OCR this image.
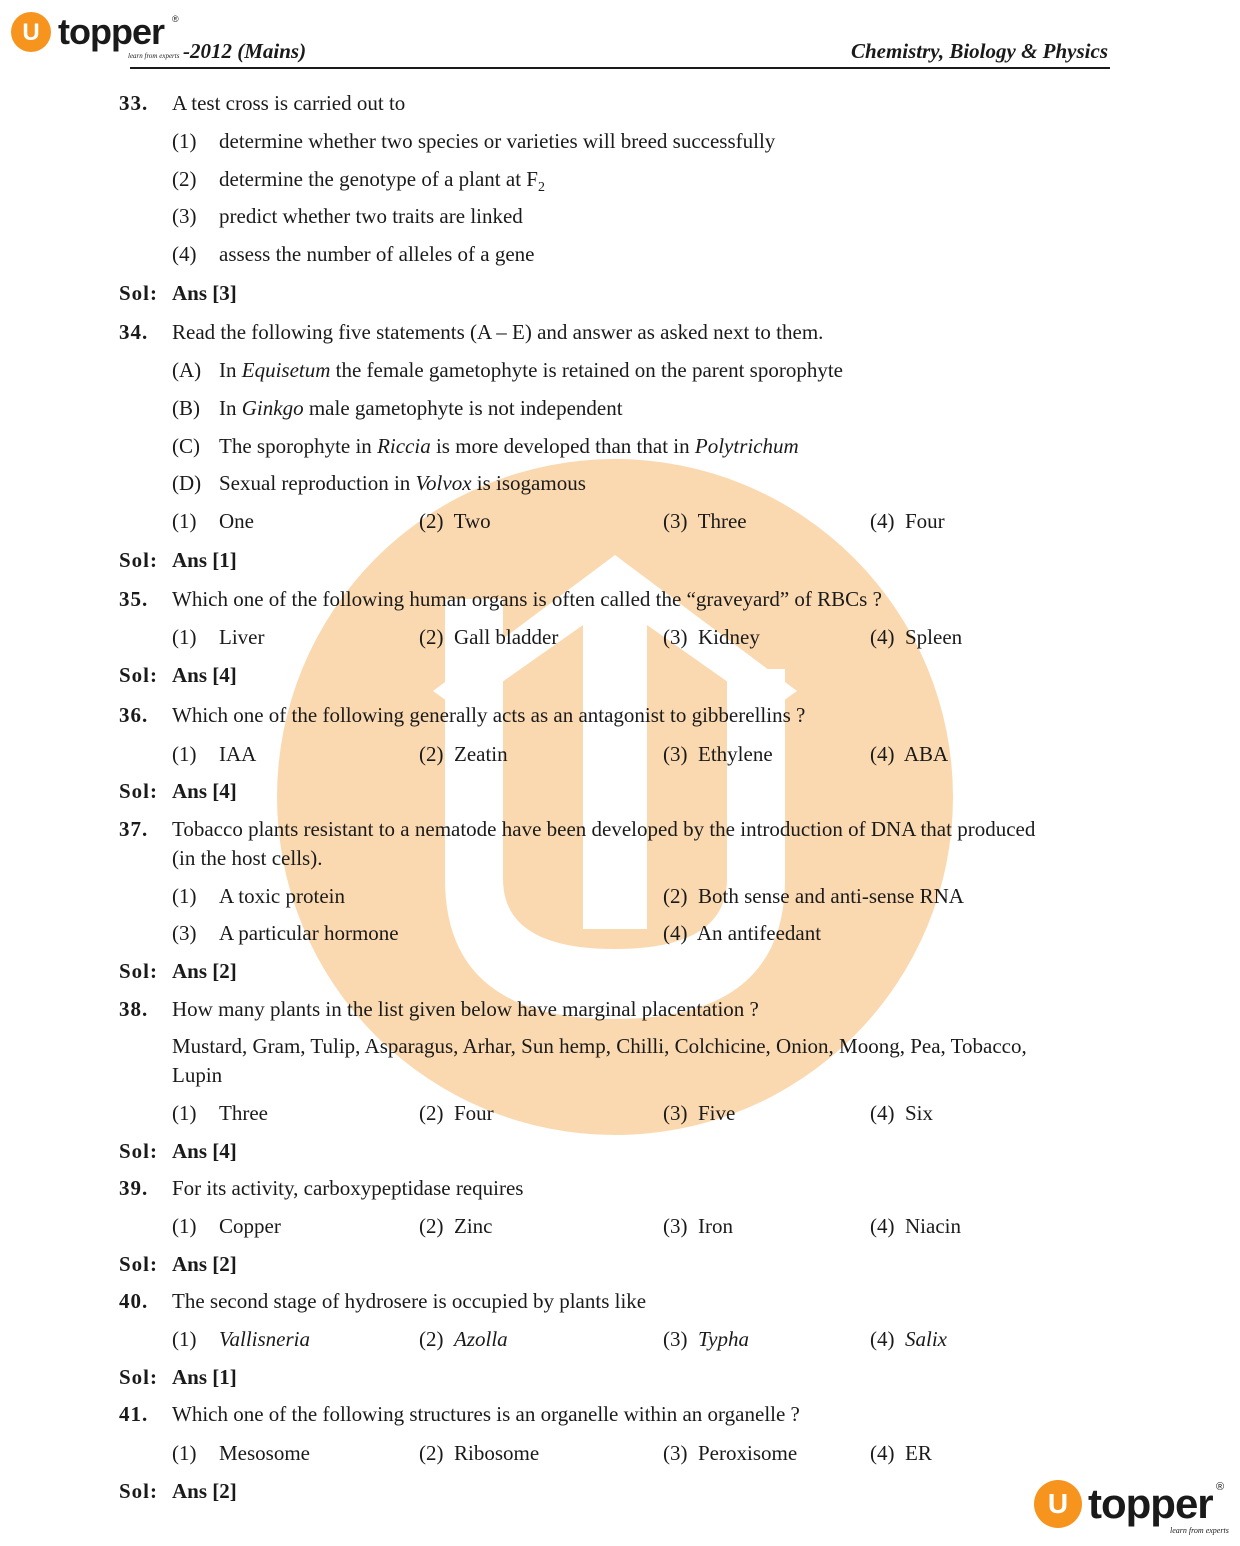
U topper
learn from experts
®
-2012 (Mains)	Chemistry, Biology & Physics
33. A test cross is carried out to
(1) determine whether two species or varieties will breed successfully
(2) determine the genotype of a plant at $F_2$
(3) predict whether two traits are linked
(4) assess the number of alleles of a gene
Sol: Ans [3]
34. Read the following five statements (A – E) and answer as asked next to them.
(A) In Equisetum the female gametophyte is retained on the parent sporophyte
(B) In Ginkgo male gametophyte is not independent
(C) The sporophyte in Riccia is more developed than that in Polytrichum
(D) Sexual reproduction in Volvox is isogamous
(1) One	(2) Two	(3) Three	(4) Four
Sol: Ans [1]
35. Which one of the following human organs is often called the “graveyard” of RBCs ?
(1) Liver	(2) Gall bladder	(3) Kidney	(4) Spleen
Sol: Ans [4]
36. Which one of the following generally acts as an antagonist to gibberellins ?
(1) IAA	(2) Zeatin	(3) Ethylene	(4) ABA
Sol: Ans [4]
37. Tobacco plants resistant to a nematode have been developed by the introduction of DNA that produced
(in the host cells).
(1) A toxic protein	(2) Both sense and anti-sense RNA
(3) A particular hormone	(4) An antifeedant
Sol: Ans [2]
38. How many plants in the list given below have marginal placentation ?
Mustard, Gram, Tulip, Asparagus, Arhar, Sun hemp, Chilli, Colchicine, Onion, Moong, Pea, Tobacco,
Lupin
(1) Three	(2) Four	(3) Five	(4) Six
Sol: Ans [4]
39. For its activity, carboxypeptidase requires
(1) Copper	(2) Zinc	(3) Iron	(4) Niacin
Sol: Ans [2]
40. The second stage of hydrosere is occupied by plants like
(1) Vallisneria	(2) Azolla	(3) Typha	(4) Salix
Sol: Ans [1]
41. Which one of the following structures is an organelle within an organelle ?
(1) Mesosome	(2) Ribosome	(3) Peroxisome	(4) ER
Sol: Ans [2]	U topper
learn from experts
®
